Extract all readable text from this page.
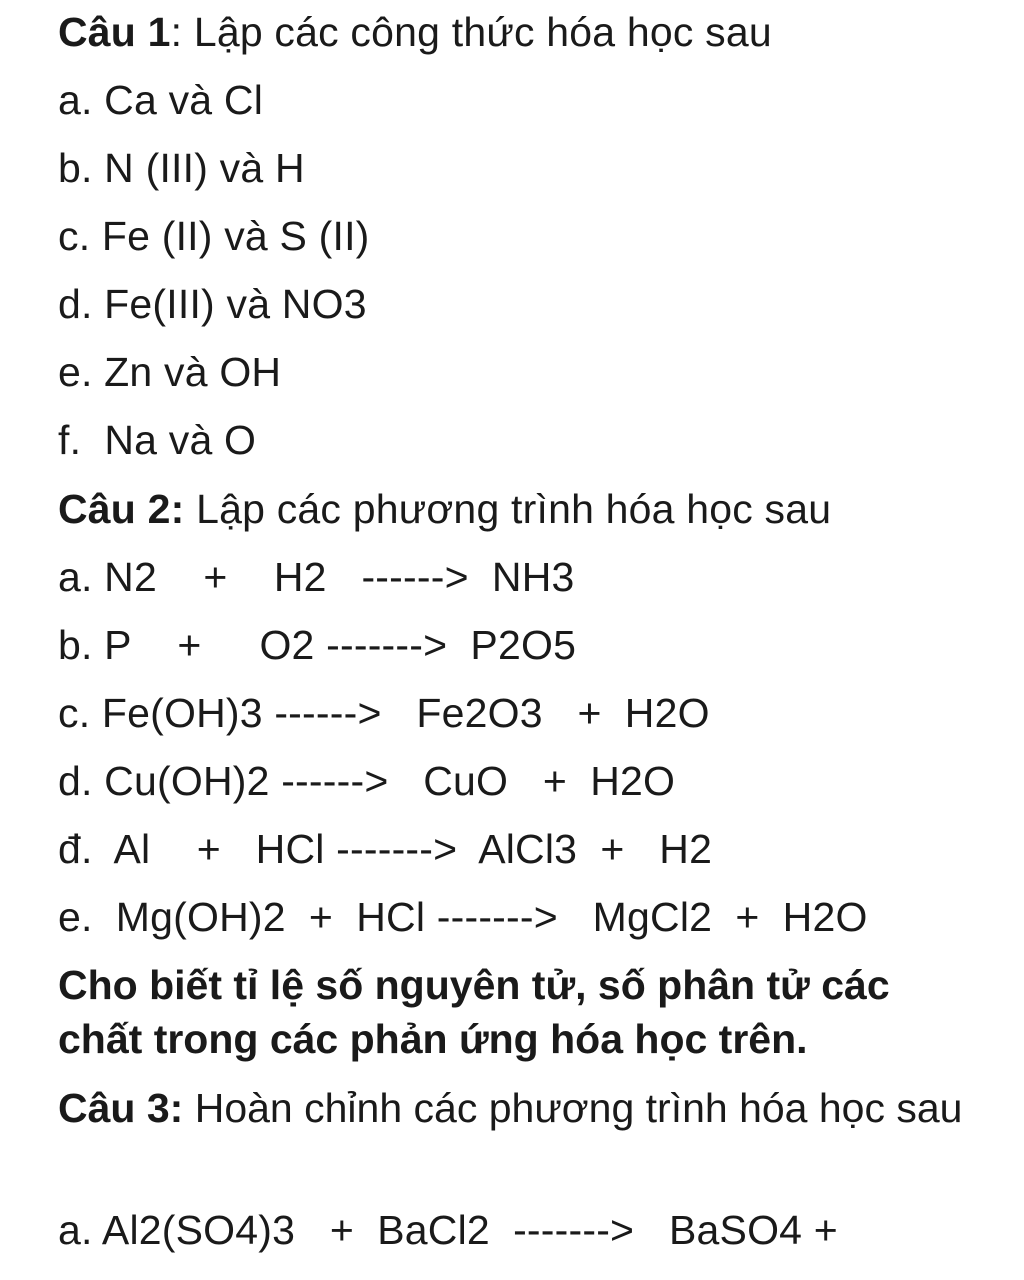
Câu 1: Lập các công thức hóa học sau
a. Ca và Cl
b. N (III) và H
c. Fe (II) và S (II)
d. Fe(III) và NO3
e. Zn và OH
f.  Na và O
Câu 2: Lập các phương trình hóa học sau
a. N2    +    H2   ------>  NH3
b. P    +     O2 ------->  P2O5
c. Fe(OH)3 ------>   Fe2O3   +  H2O
d. Cu(OH)2 ------>   CuO   +  H2O
đ.  Al    +   HCl ------->  AlCl3  +   H2
e.  Mg(OH)2  +  HCl ------->   MgCl2  +  H2O
Cho biết tỉ lệ số nguyên tử, số phân tử các chất trong các phản ứng hóa học trên.
Câu 3: Hoàn chỉnh các phương trình hóa học sau
a. Al2(SO4)3   +  BaCl2  ------->   BaSO4 +
